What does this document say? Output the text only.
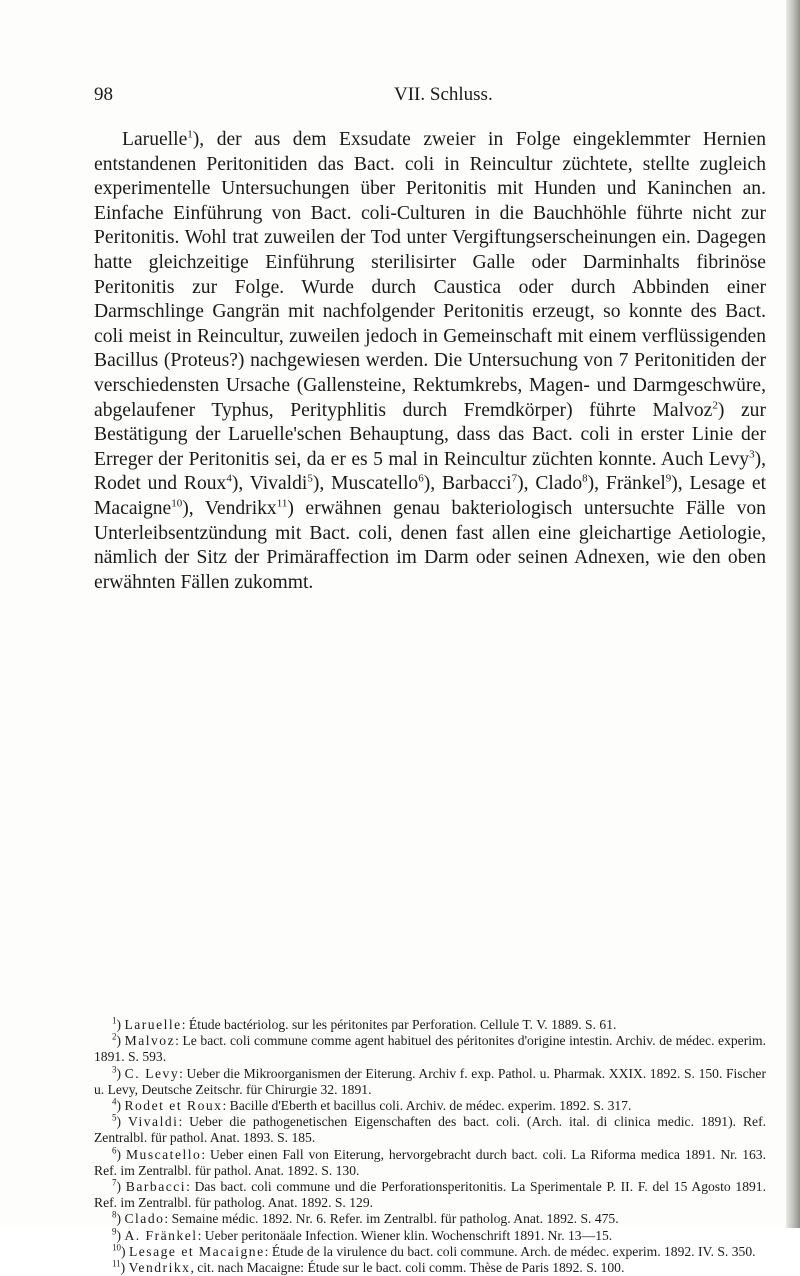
98	VII. Schluss.

Laruelle$^1$), der aus dem Exsudate zweier in Folge eingeklemmter Hernien entstandenen Peritonitiden das Bact. coli in Reincultur züchtete, stellte zugleich experimentelle Untersuchungen über Peritonitis mit Hunden und Kaninchen an. Einfache Einführung von Bact. coli-Culturen in die Bauchhöhle führte nicht zur Peritonitis. Wohl trat zuweilen der Tod unter Vergiftungserscheinungen ein. Dagegen hatte gleichzeitige Einführung sterilisirter Galle oder Darminhalts fibrinöse Peritonitis zur Folge. Wurde durch Caustica oder durch Abbinden einer Darmschlinge Gangrän mit nachfolgender Peritonitis erzeugt, so konnte des Bact. coli meist in Reincultur, zuweilen jedoch in Gemeinschaft mit einem verflüssigenden Bacillus (Proteus?) nachgewiesen werden. Die Untersuchung von 7 Peritonitiden der verschiedensten Ursache (Gallensteine, Rektumkrebs, Magen- und Darmgeschwüre, abgelaufener Typhus, Perityphlitis durch Fremdkörper) führte Malvoz$^2$) zur Bestätigung der Laruelle'schen Behauptung, dass das Bact. coli in erster Linie der Erreger der Peritonitis sei, da er es 5 mal in Reincultur züchten konnte. Auch Levy$^3$), Rodet und Roux$^4$), Vivaldi$^5$), Muscatello$^6$), Barbacci$^7$), Clado$^8$), Fränkel$^9$), Lesage et Macaigne$^{10}$), Vendrikx$^{11}$) erwähnen genau bakteriologisch untersuchte Fälle von Unterleibsentzündung mit Bact. coli, denen fast allen eine gleichartige Aetiologie, nämlich der Sitz der Primäraffection im Darm oder seinen Adnexen, wie den oben erwähnten Fällen zukommt.

$^1$) Laruelle: Étude bactériolog. sur les péritonites par Perforation. Cellule T. V. 1889. S. 61.

$^2$) Malvoz: Le bact. coli commune comme agent habituel des péritonites d'origine intestin. Archiv. de médec. experim. 1891. S. 593.

$^3$) C. Levy: Ueber die Mikroorganismen der Eiterung. Archiv f. exp. Pathol. u. Pharmak. XXIX. 1892. S. 150. Fischer u. Levy, Deutsche Zeitschr. für Chirurgie 32. 1891.

$^4$) Rodet et Roux: Bacille d'Eberth et bacillus coli. Archiv. de médec. experim. 1892. S. 317.

$^5$) Vivaldi: Ueber die pathogenetischen Eigenschaften des bact. coli. (Arch. ital. di clinica medic. 1891). Ref. Zentralbl. für pathol. Anat. 1893. S. 185.

$^6$) Muscatello: Ueber einen Fall von Eiterung, hervorgebracht durch bact. coli. La Riforma medica 1891. Nr. 163. Ref. im Zentralbl. für pathol. Anat. 1892. S. 130.

$^7$) Barbacci: Das bact. coli commune und die Perforationsperitonitis. La Sperimentale P. II. F. del 15 Agosto 1891. Ref. im Zentralbl. für patholog. Anat. 1892. S. 129.

$^8$) Clado: Semaine médic. 1892. Nr. 6. Refer. im Zentralbl. für patholog. Anat. 1892. S. 475.

$^9$) A. Fränkel: Ueber peritonäale Infection. Wiener klin. Wochenschrift 1891. Nr. 13—15.

$^{10}$) Lesage et Macaigne: Étude de la virulence du bact. coli commune. Arch. de médec. experim. 1892. IV. S. 350.

$^{11}$) Vendrikx, cit. nach Macaigne: Étude sur le bact. coli comm. Thèse de Paris 1892. S. 100.
